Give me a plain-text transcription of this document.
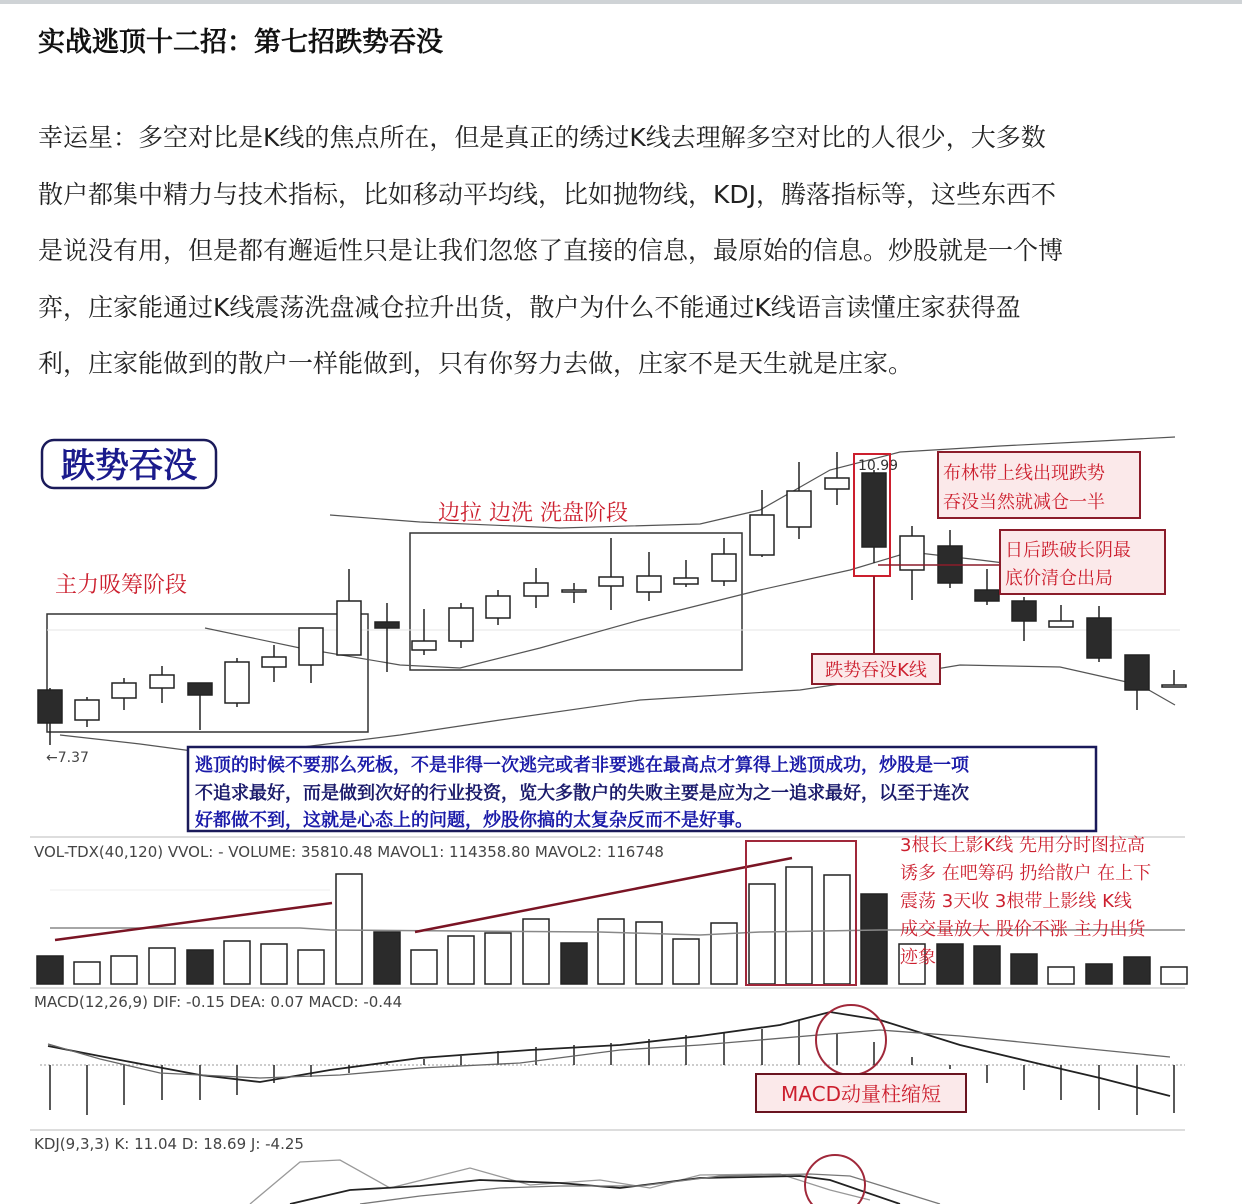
实战逃顶十二招：第七招跌势吞没
幸运星：多空对比是K线的焦点所在，但是真正的绣过K线去理解多空对比的人很少，大多数
散户都集中精力与技术指标，比如移动平均线，比如抛物线，KDJ，腾落指标等，这些东西不
是说没有用，但是都有邂逅性只是让我们忽悠了直接的信息，最原始的信息。炒股就是一个博
弈，庄家能通过K线震荡洗盘减仓拉升出货，散户为什么不能通过K线语言读懂庄家获得盈
利，庄家能做到的散户一样能做到，只有你努力去做，庄家不是天生就是庄家。
跌势吞没
主力吸筹阶段
边拉 边洗 洗盘阶段
←7.37
10.99
跌势吞没K线
布林带上线出现跌势
吞没当然就减仓一半
日后跌破长阴最
底价清仓出局
逃顶的时候不要那么死板，不是非得一次逃完或者非要逃在最高点才算得上逃顶成功，炒股是一项
不追求最好，而是做到次好的行业投资，览大多散户的失败主要是应为之一追求最好，以至于连次
好都做不到，这就是心态上的问题，炒股你搞的太复杂反而不是好事。
VOL-TDX(40,120) VVOL: - VOLUME: 35810.48 MAVOL1: 114358.80 MAVOL2: 116748	3根长上影K线 先用分时图拉高
诱多 在吧筹码 扔给散户 在上下
震荡 3天收 3根带上影线 K线
成交量放大 股价不涨 主力出货
迹象
MACD(12,26,9) DIF: -0.15 DEA: 0.07 MACD: -0.44
MACD动量柱缩短
KDJ(9,3,3) K: 11.04 D: 18.69 J: -4.25
